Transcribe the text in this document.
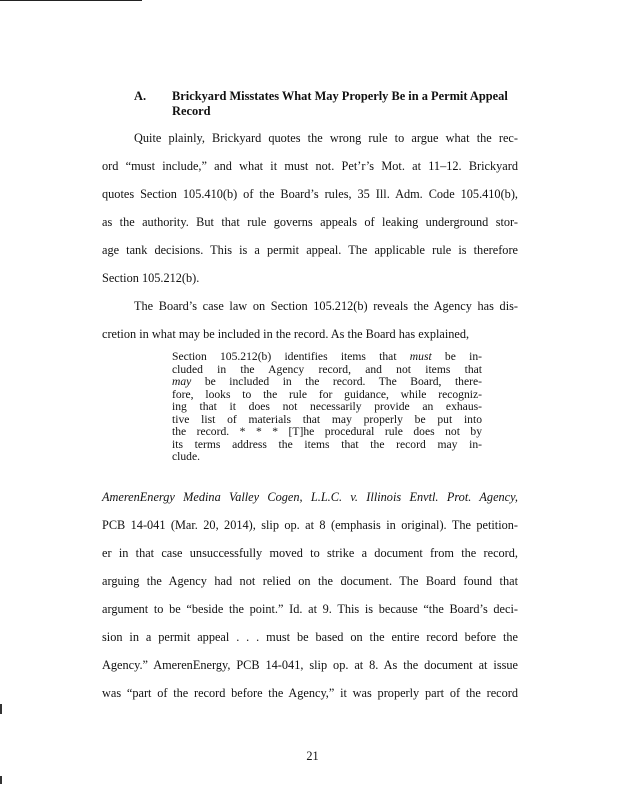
A. Brickyard Misstates What May Properly Be in a Permit Appeal Record
Quite plainly, Brickyard quotes the wrong rule to argue what the rec-
ord “must include,” and what it must not. Pet’r’s Mot. at 11–12. Brickyard
quotes Section 105.410(b) of the Board’s rules, 35 Ill. Adm. Code 105.410(b),
as the authority. But that rule governs appeals of leaking underground stor-
age tank decisions. This is a permit appeal. The applicable rule is therefore
Section 105.212(b).
The Board’s case law on Section 105.212(b) reveals the Agency has dis-
cretion in what may be included in the record. As the Board has explained,
Section 105.212(b) identifies items that must be in-
cluded in the Agency record, and not items that
may be included in the record. The Board, there-
fore, looks to the rule for guidance, while recogniz-
ing that it does not necessarily provide an exhaus-
tive list of materials that may properly be put into
the record. * * * [T]he procedural rule does not by
its terms address the items that the record may in-
clude.
AmerenEnergy Medina Valley Cogen, L.L.C. v. Illinois Envtl. Prot. Agency,
PCB 14-041 (Mar. 20, 2014), slip op. at 8 (emphasis in original). The petition-
er in that case unsuccessfully moved to strike a document from the record,
arguing the Agency had not relied on the document. The Board found that
argument to be “beside the point.” Id. at 9. This is because “the Board’s deci-
sion in a permit appeal . . . must be based on the entire record before the
Agency.” AmerenEnergy, PCB 14-041, slip op. at 8. As the document at issue
was “part of the record before the Agency,” it was properly part of the record
21
